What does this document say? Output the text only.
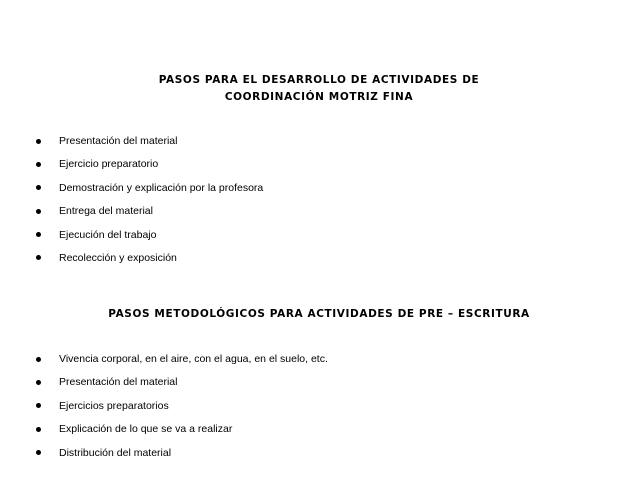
PASOS PARA EL DESARROLLO DE ACTIVIDADES DE
COORDINACIÓN MOTRIZ FINA
Presentación del material
Ejercicio preparatorio
Demostración y explicación por la profesora
Entrega del material
Ejecución del trabajo
Recolección y exposición
PASOS METODOLÓGICOS PARA ACTIVIDADES DE PRE – ESCRITURA
Vivencia corporal, en el aire, con el agua, en el suelo, etc.
Presentación del material
Ejercicios preparatorios
Explicación de lo que se va a realizar
Distribución del material
